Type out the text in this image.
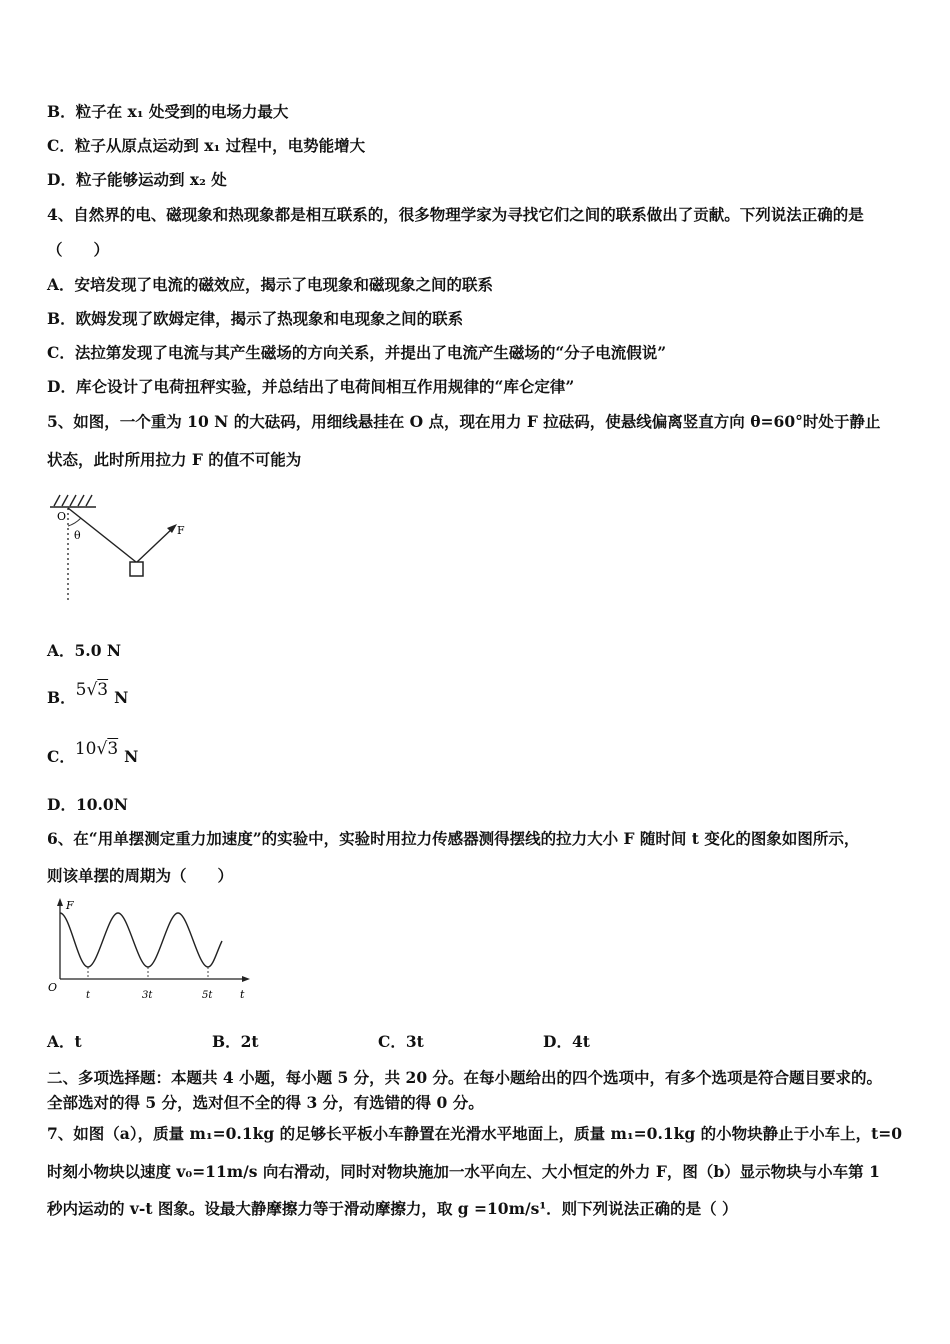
B．粒子在 x₁ 处受到的电场力最大
C．粒子从原点运动到 x₁ 过程中，电势能增大
D．粒子能够运动到 x₂ 处
4、自然界的电、磁现象和热现象都是相互联系的，很多物理学家为寻找它们之间的联系做出了贡献。下列说法正确的是
（　　）
A．安培发现了电流的磁效应，揭示了电现象和磁现象之间的联系
B．欧姆发现了欧姆定律，揭示了热现象和电现象之间的联系
C．法拉第发现了电流与其产生磁场的方向关系，并提出了电流产生磁场的“分子电流假说”
D．库仑设计了电荷扭秤实验，并总结出了电荷间相互作用规律的“库仑定律”
5、如图，一个重为 10 N 的大砝码，用细线悬挂在 O 点，现在用力 F 拉砝码，使悬线偏离竖直方向 θ=60°时处于静止
状态，此时所用拉力 F 的值不可能为
O
θ	F
A．5.0 N
B．5√3 N
C．10√3 N
D．10.0N
6、在“用单摆测定重力加速度”的实验中，实验时用拉力传感器测得摆线的拉力大小 F 随时间 t 变化的图象如图所示，
则该单摆的周期为（　　）
F
O
t
t	3t	5t
A．t	B．2t	C．3t	D．4t
二、多项选择题：本题共 4 小题，每小题 5 分，共 20 分。在每小题给出的四个选项中，有多个选项是符合题目要求的。
全部选对的得 5 分，选对但不全的得 3 分，有选错的得 0 分。
7、如图（a），质量 m₁=0.1kg 的足够长平板小车静置在光滑水平地面上，质量 m₁=0.1kg 的小物块静止于小车上，t=0
时刻小物块以速度 v₀=11m/s 向右滑动，同时对物块施加一水平向左、大小恒定的外力 F，图（b）显示物块与小车第 1
秒内运动的 v-t 图象。设最大静摩擦力等于滑动摩擦力，取 g =10m/s¹．则下列说法正确的是（ ）
